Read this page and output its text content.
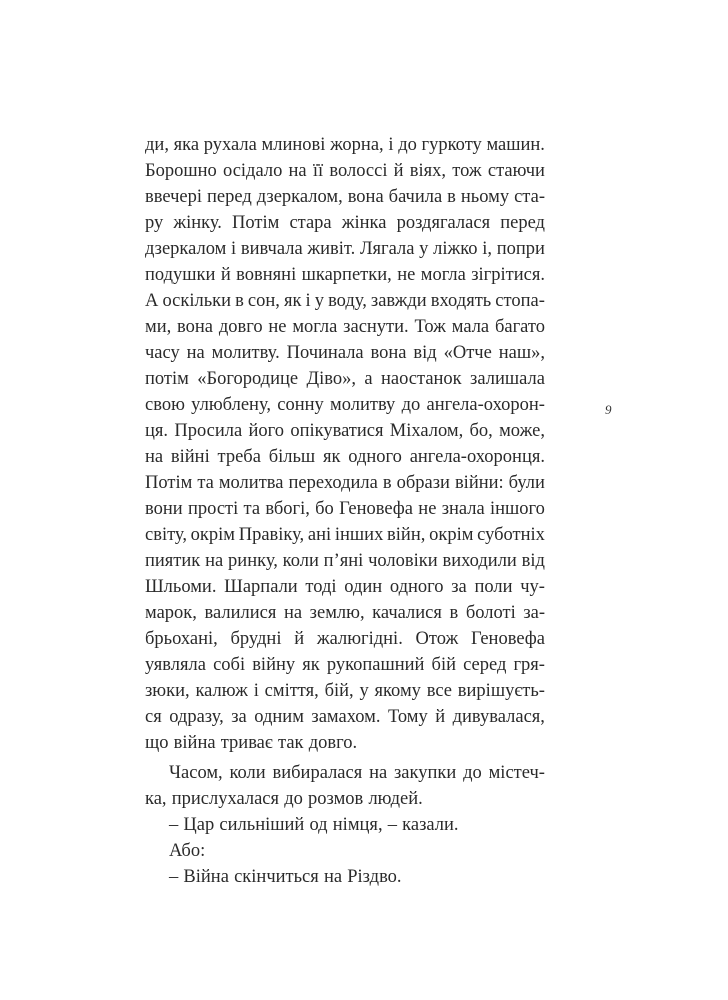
ди, яка рухала млинові жорна, і до гуркоту машин.
Борошно осідало на її волоссі й віях, тож стаючи
ввечері перед дзеркалом, вона бачила в ньому ста-
ру жінку. Потім стара жінка роздягалася перед
дзеркалом і вивчала живіт. Лягала у ліжко і, попри
подушки й вовняні шкарпетки, не могла зігрітися.
А оскільки в сон, як і у воду, завжди входять стопа-
ми, вона довго не могла заснути. Тож мала багато
часу на молитву. Починала вона від «Отче наш»,
потім «Богородице Діво», а наостанок залишала
свою улюблену, сонну молитву до ангела-охорон-
ця. Просила його опікуватися Міхалом, бо, може,
на війні треба більш як одного ангела-охоронця.
Потім та молитва переходила в образи війни: були
вони прості та вбогі, бо Геновефа не знала іншого
світу, окрім Правіку, ані інших війн, окрім суботніх
пиятик на ринку, коли п’яні чоловіки виходили від
Шльоми. Шарпали тоді один одного за поли чу-
марок, валилися на землю, качалися в болоті за-
брьохані, брудні й жалюгідні. Отож Геновефа
уявляла собі війну як рукопашний бій серед гря-
зюки, калюж і сміття, бій, у якому все вирішуєть-
ся одразу, за одним замахом. Тому й дивувалася,
що війна триває так довго.
Часом, коли вибиралася на закупки до містеч-
ка, прислухалася до розмов людей.
– Цар сильніший од німця, – казали.
Або:
– Війна скінчиться на Різдво.
9
